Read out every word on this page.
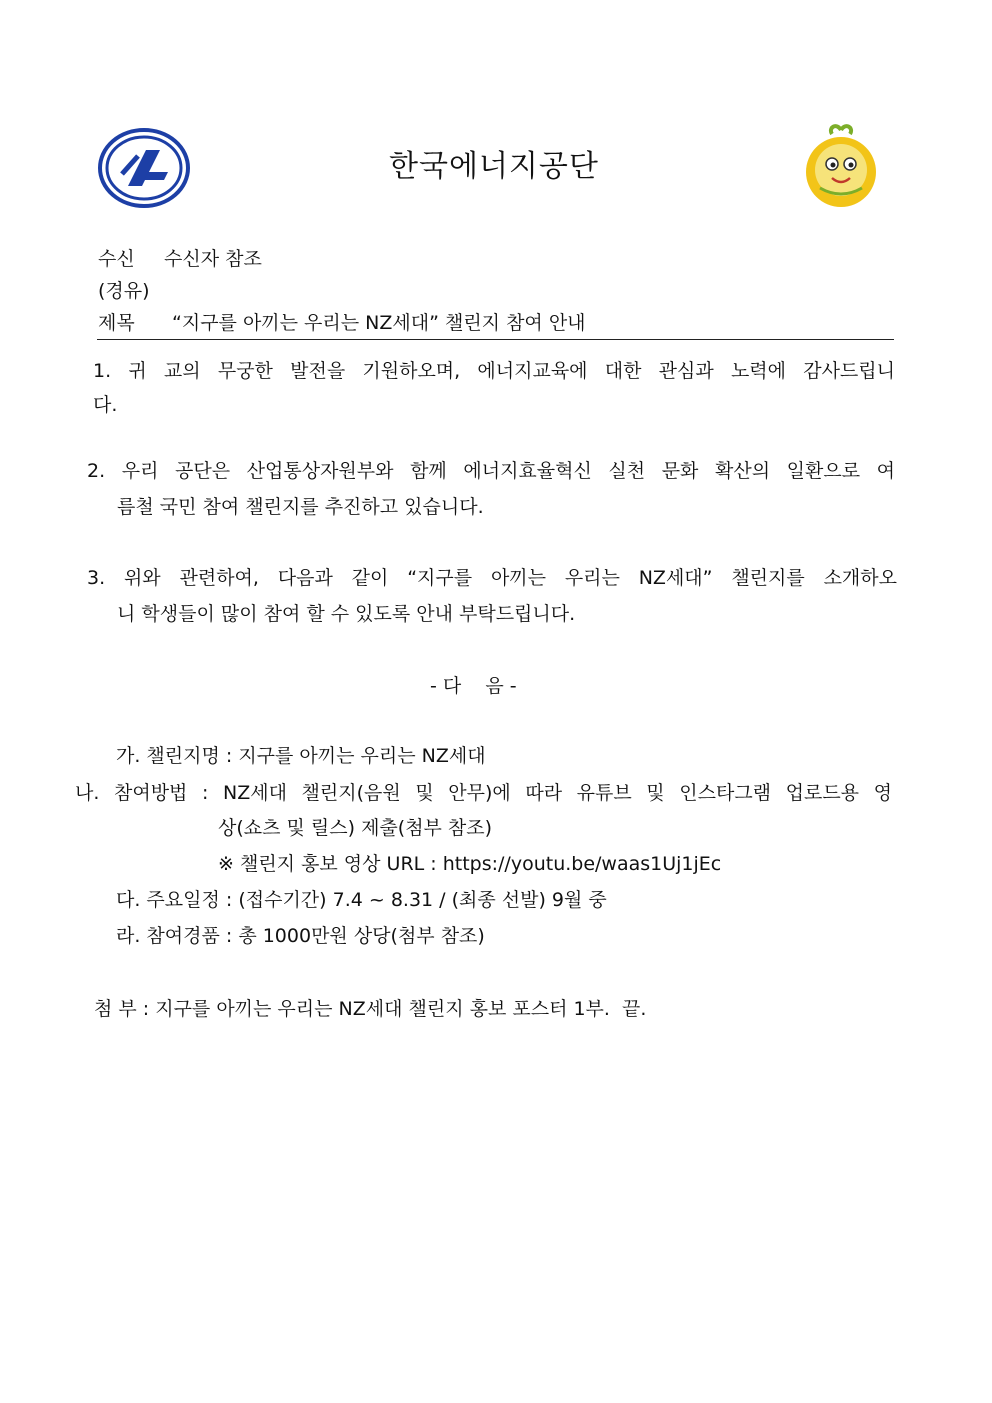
한국에너지공단
수신 수신자 참조
(경유)
제목 “지구를 아끼는 우리는 NZ세대” 챌린지 참여 안내
1. 귀 교의 무궁한 발전을 기원하오며, 에너지교육에 대한 관심과 노력에 감사드립니
다.
2. 우리 공단은 산업통상자원부와 함께 에너지효율혁신 실천 문화 확산의 일환으로 여
름철 국민 참여 챌린지를 추진하고 있습니다.
3. 위와 관련하여, 다음과 같이 “지구를 아끼는 우리는 NZ세대” 챌린지를 소개하오
니 학생들이 많이 참여 할 수 있도록 안내 부탁드립니다.
- 다    음 -
가. 챌린지명 : 지구를 아끼는 우리는 NZ세대
나. 참여방법 : NZ세대 챌린지(음원 및 안무)에 따라 유튜브 및 인스타그램 업로드용 영
상(쇼츠 및 릴스) 제출(첨부 참조)
※ 챌린지 홍보 영상 URL : https://youtu.be/waas1Uj1jEc
다. 주요일정 : (접수기간) 7.4 ~ 8.31 / (최종 선발) 9월 중
라. 참여경품 : 총 1000만원 상당(첨부 참조)
첨 부 : 지구를 아끼는 우리는 NZ세대 챌린지 홍보 포스터 1부.  끝.
